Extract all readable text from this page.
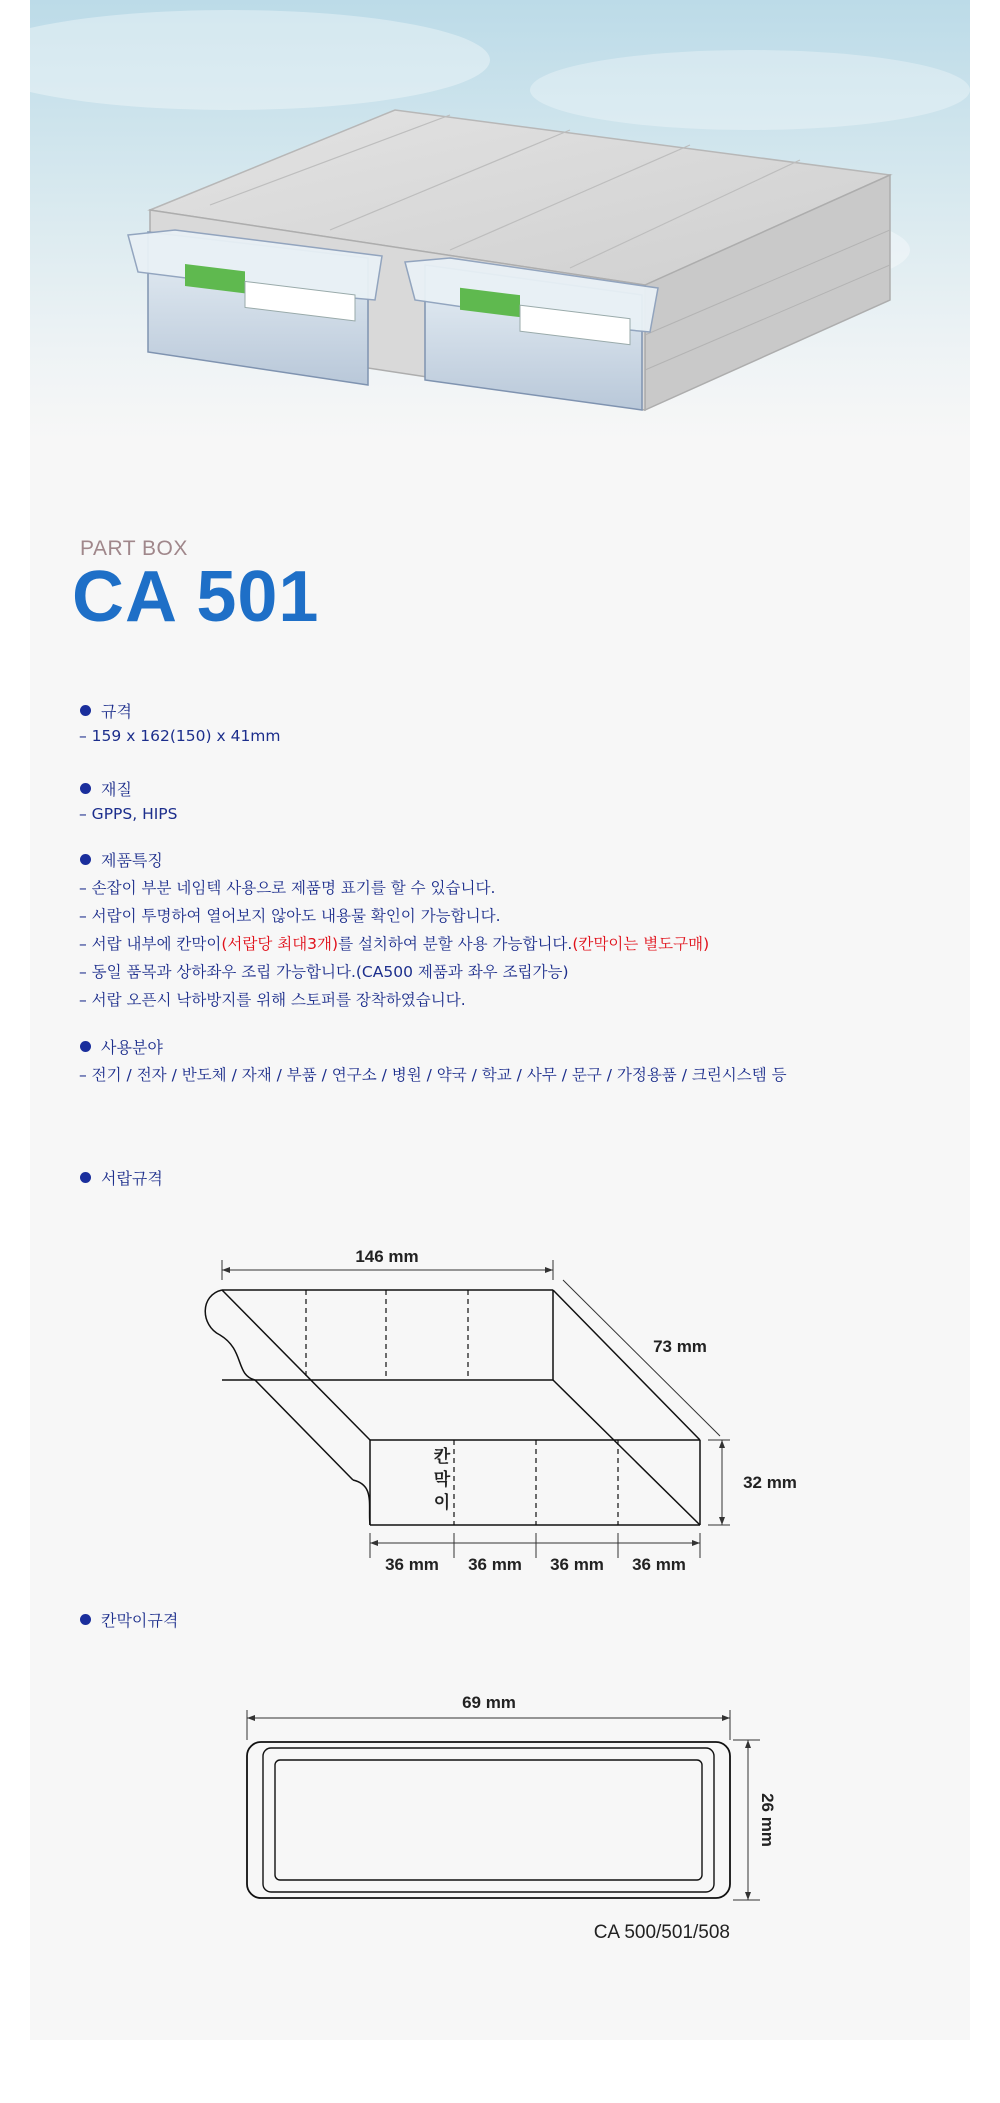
PART BOX
CA 501
규격
– 159 x 162(150) x 41mm
재질
– GPPS, HIPS
제품특징
– 손잡이 부분 네임텍 사용으로 제품명 표기를 할 수 있습니다.
– 서랍이 투명하여 열어보지 않아도 내용물 확인이 가능합니다.
– 서랍 내부에 칸막이(서랍당 최대3개)를 설치하여 분할 사용 가능합니다.(칸막이는 별도구매)
– 동일 품목과 상하좌우 조립 가능합니다.(CA500 제품과 좌우 조립가능)
– 서랍 오픈시 낙하방지를 위해 스토퍼를 장착하였습니다.
사용분야
– 전기 / 전자 / 반도체 / 자재 / 부품 / 연구소 / 병원 / 약국 / 학교 / 사무 / 문구 / 가정용품 / 크린시스템 등
서랍규격
146 mm
73 mm
32 mm
36 mm 36 mm 36 mm 36 mm
칸
막
이
칸막이규격
69 mm
26 mm
CA 500/501/508
